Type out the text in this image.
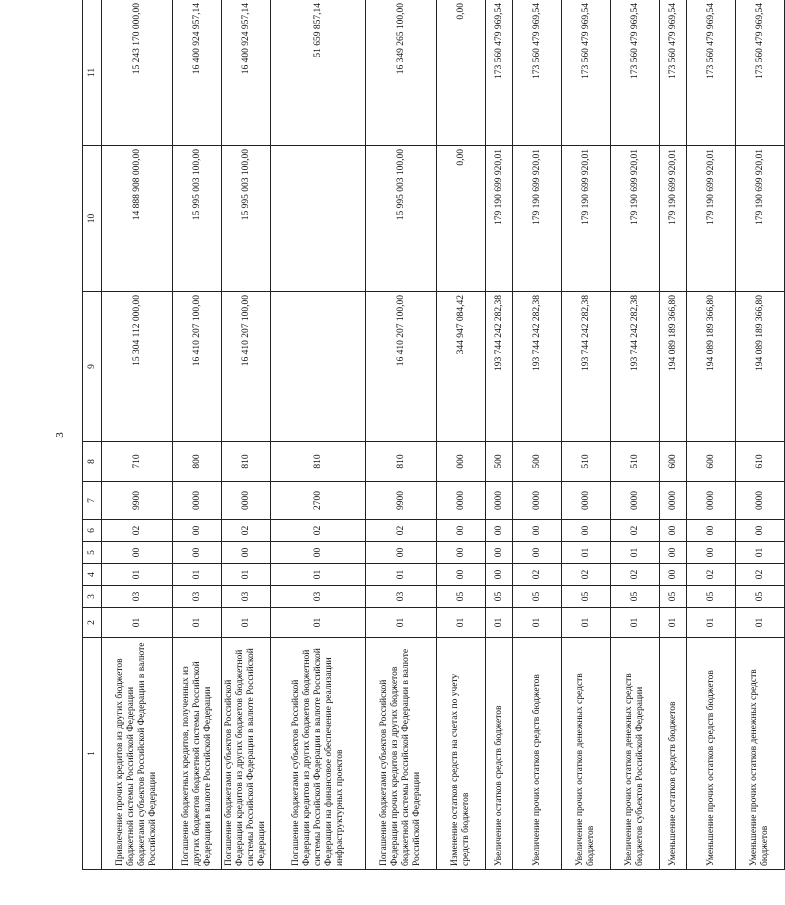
3
1	2	3	4	5	6	7	8	9	10	11
Привлечение прочих кредитов из других бюджетов бюджетной системы Российской Федерации бюджетами субъектов Российской Федерации в валюте Российской Федерации	01	03	01	00	02	9900	710	15 304 112 000,00	14 888 908 000,00	15 243 170 000,00
Погашение бюджетных кредитов, полученных из других бюджетов бюджетной системы Российской Федерации в валюте Российской Федерации	01	03	01	00	00	0000	800	16 410 207 100,00	15 995 003 100,00	16 400 924 957,14
Погашение бюджетами субъектов Российской Федерации кредитов из других бюджетов бюджетной системы Российской Федерации в валюте Российской Федерации	01	03	01	00	02	0000	810	16 410 207 100,00	15 995 003 100,00	16 400 924 957,14
Погашение бюджетами субъектов Российской Федерации кредитов из других бюджетов бюджетной системы Российской Федерации в валюте Российской Федерации на финансовое обеспечение реализации инфраструктурных проектов	01	03	01	00	02	2700	810			51 659 857,14
Погашение бюджетами субъектов Российской Федерации прочих кредитов из других бюджетов бюджетной системы Российской Федерации в валюте Российской Федерации	01	03	01	00	02	9900	810	16 410 207 100,00	15 995 003 100,00	16 349 265 100,00
Изменение остатков средств на счетах по учету средств бюджетов	01	05	00	00	00	0000	000	344 947 084,42	0,00	0,00
Увеличение остатков средств бюджетов	01	05	00	00	00	0000	500	193 744 242 282,38	179 190 699 920,01	173 560 479 969,54
Увеличение прочих остатков средств бюджетов	01	05	02	00	00	0000	500	193 744 242 282,38	179 190 699 920,01	173 560 479 969,54
Увеличение прочих остатков денежных средств бюджетов	01	05	02	01	00	0000	510	193 744 242 282,38	179 190 699 920,01	173 560 479 969,54
Увеличение прочих остатков денежных средств бюджетов субъектов Российской Федерации	01	05	02	01	02	0000	510	193 744 242 282,38	179 190 699 920,01	173 560 479 969,54
Уменьшение остатков средств бюджетов	01	05	00	00	00	0000	600	194 089 189 366,80	179 190 699 920,01	173 560 479 969,54
Уменьшение прочих остатков средств бюджетов	01	05	02	00	00	0000	600	194 089 189 366,80	179 190 699 920,01	173 560 479 969,54
Уменьшение прочих остатков денежных средств бюджетов	01	05	02	01	00	0000	610	194 089 189 366,80	179 190 699 920,01	173 560 479 969,54
